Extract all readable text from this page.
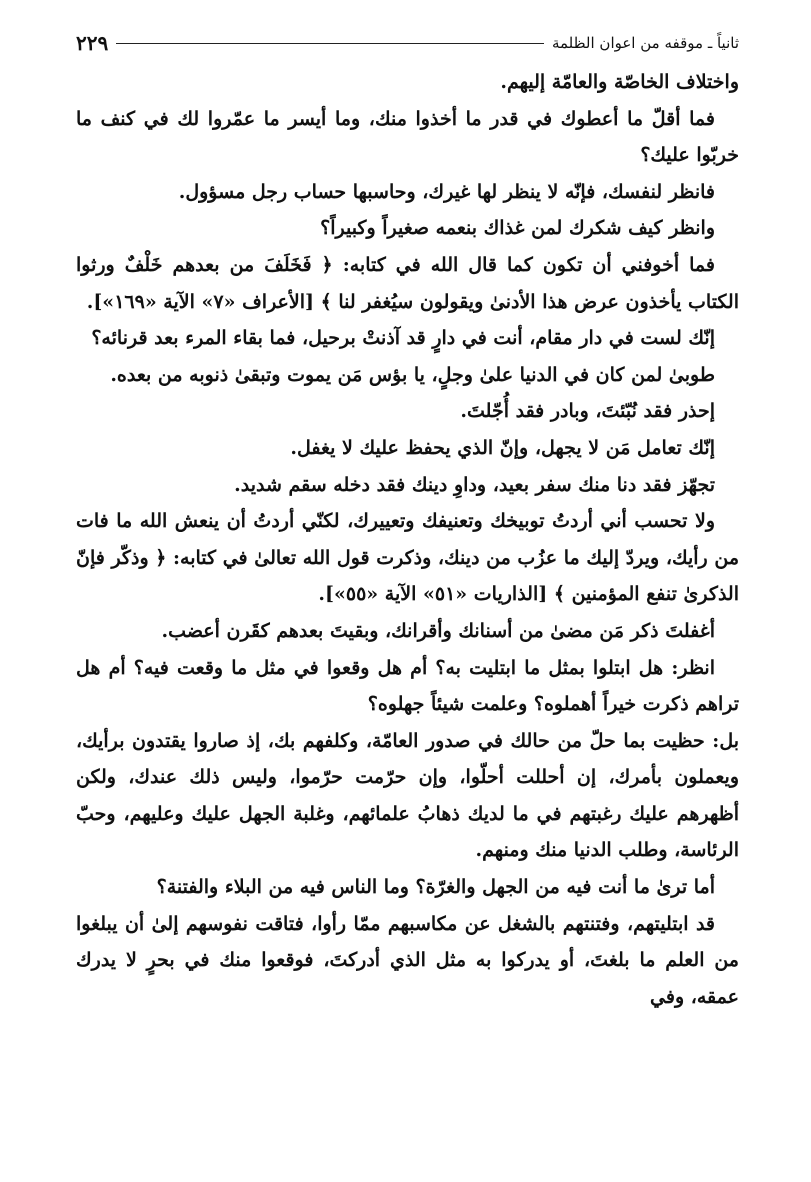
ثانياً ـ موقفه من اعوان الظلمة
٢٢٩

واختلاف الخاصّة والعامّة إليهم.

فما أقلّ ما أعطوك في قدر ما أخذوا منك، وما أيسر ما عمّروا لك في كنف ما خربّوا عليك؟

فانظر لنفسك، فإنّه لا ينظر لها غيرك، وحاسبها حساب رجل مسؤول.

وانظر كيف شكرك لمن غذاك بنعمه صغيراً وكبيراً؟

فما أخوفني أن تكون كما قال الله في كتابه: ﴿ فَخَلَفَ من بعدهم خَلْفٌ ورثوا الكتاب يأخذون عرض هذا الأدنىٰ ويقولون سيُغفر لنا ﴾ [الأعراف «٧» الآية «١٦٩»].

إنّك لست في دار مقام، أنت في دارٍ قد آذنتْ برحيل، فما بقاء المرء بعد قرنائه؟

طوبىٰ لمن كان في الدنيا علىٰ وجلٍ، يا بؤس مَن يموت وتبقىٰ ذنوبه من بعده.

إحذر فقد نُبّئتَ، وبادر فقد أُجّلتَ.

إنّك تعامل مَن لا يجهل، وإنّ الذي يحفظ عليك لا يغفل.

تجهّز فقد دنا منك سفر بعيد، وداوِ دينك فقد دخله سقم شديد.

ولا تحسب أني أردتُ توبيخك وتعنيفك وتعييرك، لكنّي أردتُ أن ينعش الله ما فات من رأيك، ويردّ إليك ما عزُب من دينك، وذكرت قول الله تعالىٰ في كتابه: ﴿ وذكّر فإنّ الذكرىٰ تنفع المؤمنين ﴾ [الذاريات «٥١» الآية «٥٥»].

أغفلتَ ذكر مَن مضىٰ من أسنانك وأقرانك، وبقيتَ بعدهم كقَرن أعضب.

انظر: هل ابتلوا بمثل ما ابتليت به؟ أم هل وقعوا في مثل ما وقعت فيه؟ أم هل تراهم ذكرت خيراً أهملوه؟ وعلمت شيئاً جهلوه؟

بل: حظيت بما حلّ من حالك في صدور العامّة، وكلفهم بك، إذ صاروا يقتدون برأيك، ويعملون بأمرك، إن أحللت أحلّوا، وإن حرّمت حرّموا، وليس ذلك عندك، ولكن أظهرهم عليك رغبتهم في ما لديك ذهابُ علمائهم، وغلبة الجهل عليك وعليهم، وحبّ الرئاسة، وطلب الدنيا منك ومنهم.

أما ترىٰ ما أنت فيه من الجهل والغرّة؟ وما الناس فيه من البلاء والفتنة؟

قد ابتليتهم، وفتنتهم بالشغل عن مكاسبهم ممّا رأوا، فتاقت نفوسهم إلىٰ أن يبلغوا من العلم ما بلغتَ، أو يدركوا به مثل الذي أدركتَ، فوقعوا منك في بحرٍ لا يدرك عمقه، وفي
